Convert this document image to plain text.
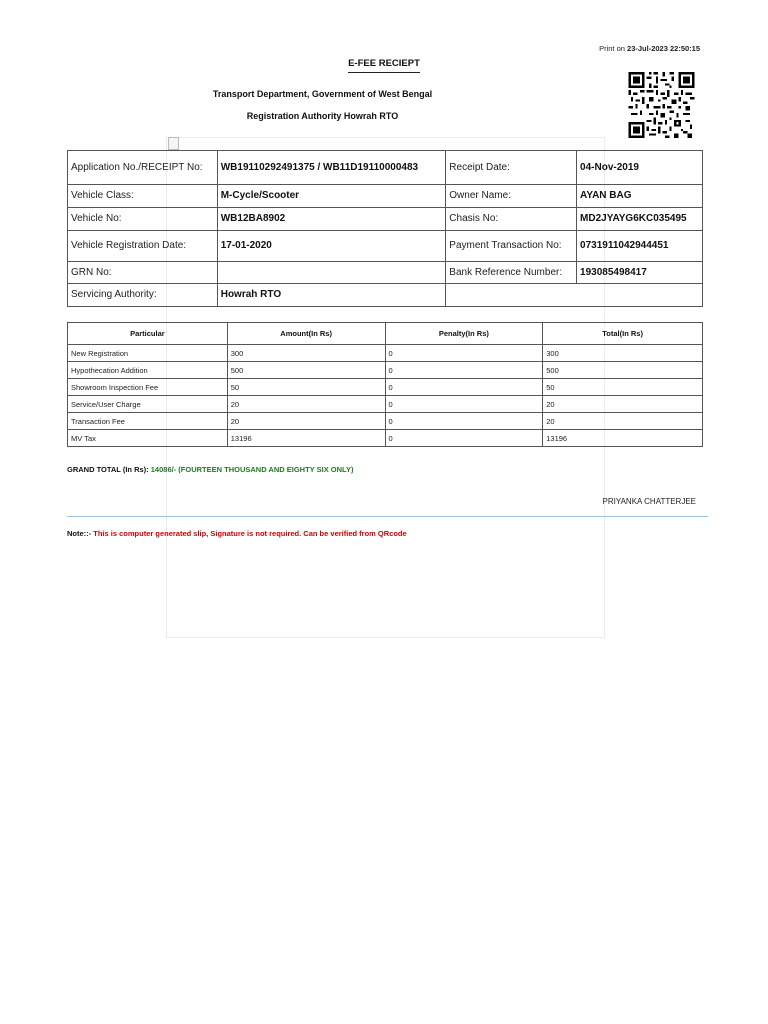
Print on 23-Jul-2023 22:50:15
E-FEE RECIEPT
Transport Department, Government of West Bengal
Registration Authority Howrah RTO
Application No./RECEIPT No:	WB19110292491375 / WB11D19110000483	Receipt Date:	04-Nov-2019
Vehicle Class:	M-Cycle/Scooter	Owner Name:	AYAN BAG
Vehicle No:	WB12BA8902	Chasis No:	MD2JYAYG6KC035495
Vehicle Registration Date:	17-01-2020	Payment Transaction No:	0731911042944451
GRN No:		Bank Reference Number:	193085498417
Servicing Authority:	Howrah RTO		
Particular	Amount(In Rs)	Penalty(In Rs)	Total(In Rs)
New Registration	300	0	300
Hypothecation Addition	500	0	500
Showroom Inspection Fee	50	0	50
Service/User Charge	20	0	20
Transaction Fee	20	0	20
MV Tax	13196	0	13196
GRAND TOTAL (In Rs): 14086/- (FOURTEEN THOUSAND AND EIGHTY SIX ONLY)
PRIYANKA CHATTERJEE
Note::- This is computer generated slip, Signature is not required. Can be verified from QRcode
